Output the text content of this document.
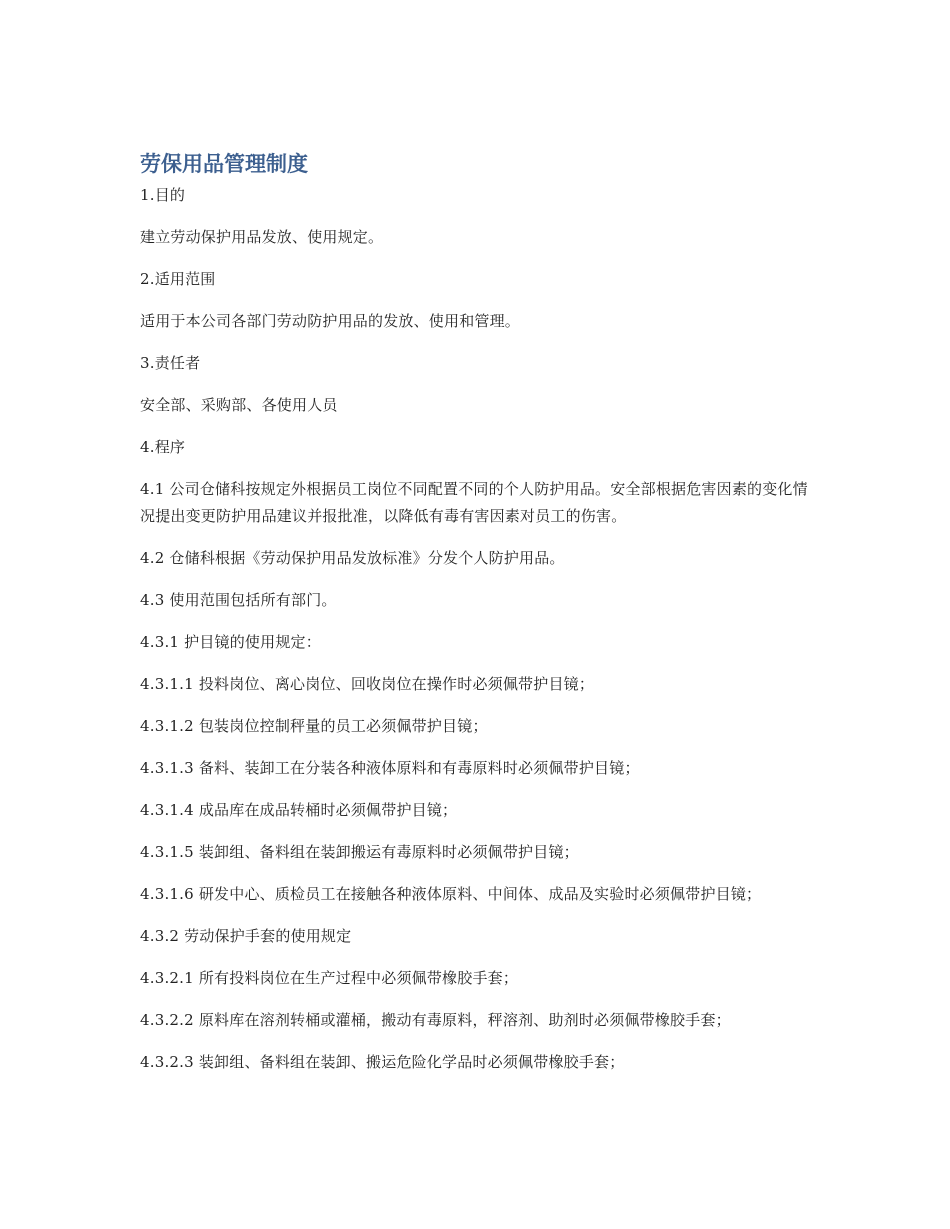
劳保用品管理制度

1.目的

建立劳动保护用品发放、使用规定。

2.适用范围

适用于本公司各部门劳动防护用品的发放、使用和管理。

3.责任者

安全部、采购部、各使用人员

4.程序

4.1 公司仓储科按规定外根据员工岗位不同配置不同的个人防护用品。安全部根据危害因素的变化情况提出变更防护用品建议并报批准，以降低有毒有害因素对员工的伤害。

4.2 仓储科根据《劳动保护用品发放标准》分发个人防护用品。

4.3 使用范围包括所有部门。

4.3.1 护目镜的使用规定：

4.3.1.1 投料岗位、离心岗位、回收岗位在操作时必须佩带护目镜；

4.3.1.2 包装岗位控制秤量的员工必须佩带护目镜；

4.3.1.3 备料、装卸工在分装各种液体原料和有毒原料时必须佩带护目镜；

4.3.1.4 成品库在成品转桶时必须佩带护目镜；

4.3.1.5 装卸组、备料组在装卸搬运有毒原料时必须佩带护目镜；

4.3.1.6 研发中心、质检员工在接触各种液体原料、中间体、成品及实验时必须佩带护目镜；

4.3.2 劳动保护手套的使用规定

4.3.2.1 所有投料岗位在生产过程中必须佩带橡胶手套；

4.3.2.2 原料库在溶剂转桶或灌桶，搬动有毒原料，秤溶剂、助剂时必须佩带橡胶手套；

4.3.2.3 装卸组、备料组在装卸、搬运危险化学品时必须佩带橡胶手套；
